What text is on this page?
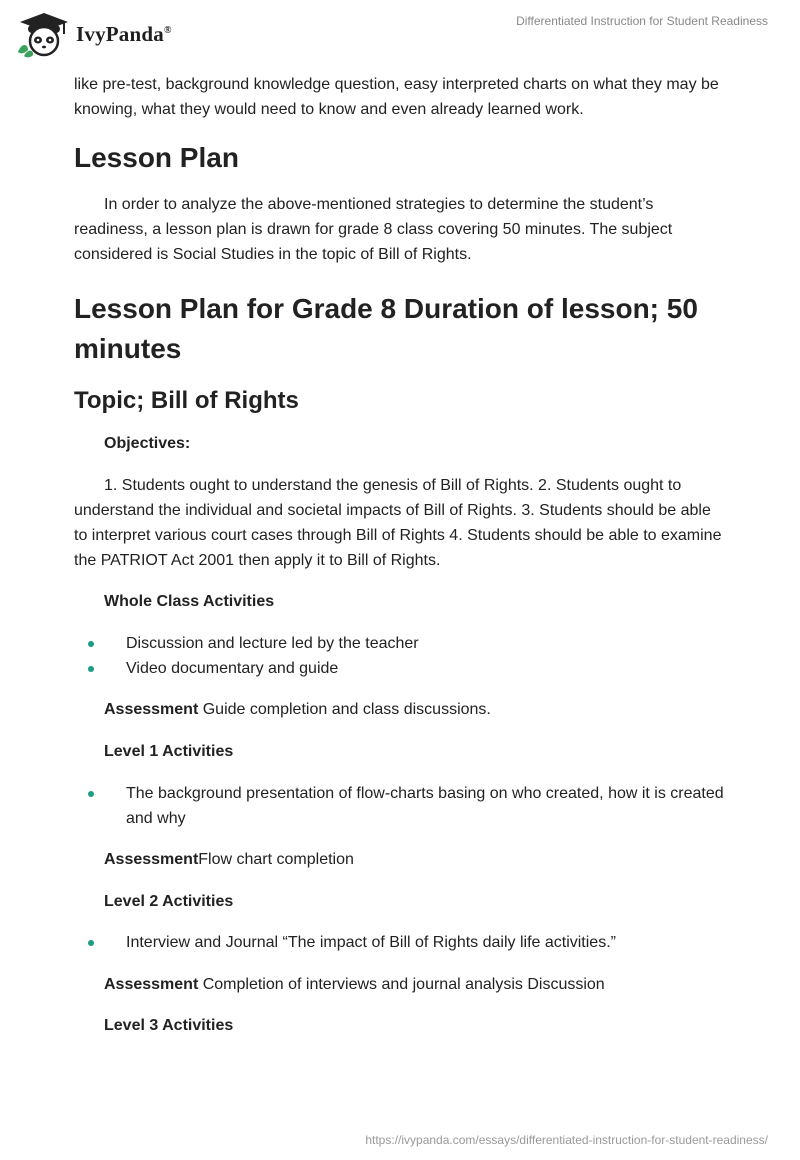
IvyPanda®
Differentiated Instruction for Student Readiness

like pre-test, background knowledge question, easy interpreted charts on what they may be knowing, what they would need to know and even already learned work.

Lesson Plan

In order to analyze the above-mentioned strategies to determine the student’s readiness, a lesson plan is drawn for grade 8 class covering 50 minutes. The subject considered is Social Studies in the topic of Bill of Rights.

Lesson Plan for Grade 8 Duration of lesson; 50 minutes
Topic; Bill of Rights

Objectives:

1. Students ought to understand the genesis of Bill of Rights. 2. Students ought to understand the individual and societal impacts of Bill of Rights. 3. Students should be able to interpret various court cases through Bill of Rights 4. Students should be able to examine the PATRIOT Act 2001 then apply it to Bill of Rights.

Whole Class Activities

Discussion and lecture led by the teacher
Video documentary and guide

Assessment Guide completion and class discussions.

Level 1 Activities

The background presentation of flow-charts basing on who created, how it is created and why

AssessmentFlow chart completion

Level 2 Activities

Interview and Journal “The impact of Bill of Rights daily life activities.”

Assessment Completion of interviews and journal analysis Discussion

Level 3 Activities

https://ivypanda.com/essays/differentiated-instruction-for-student-readiness/
